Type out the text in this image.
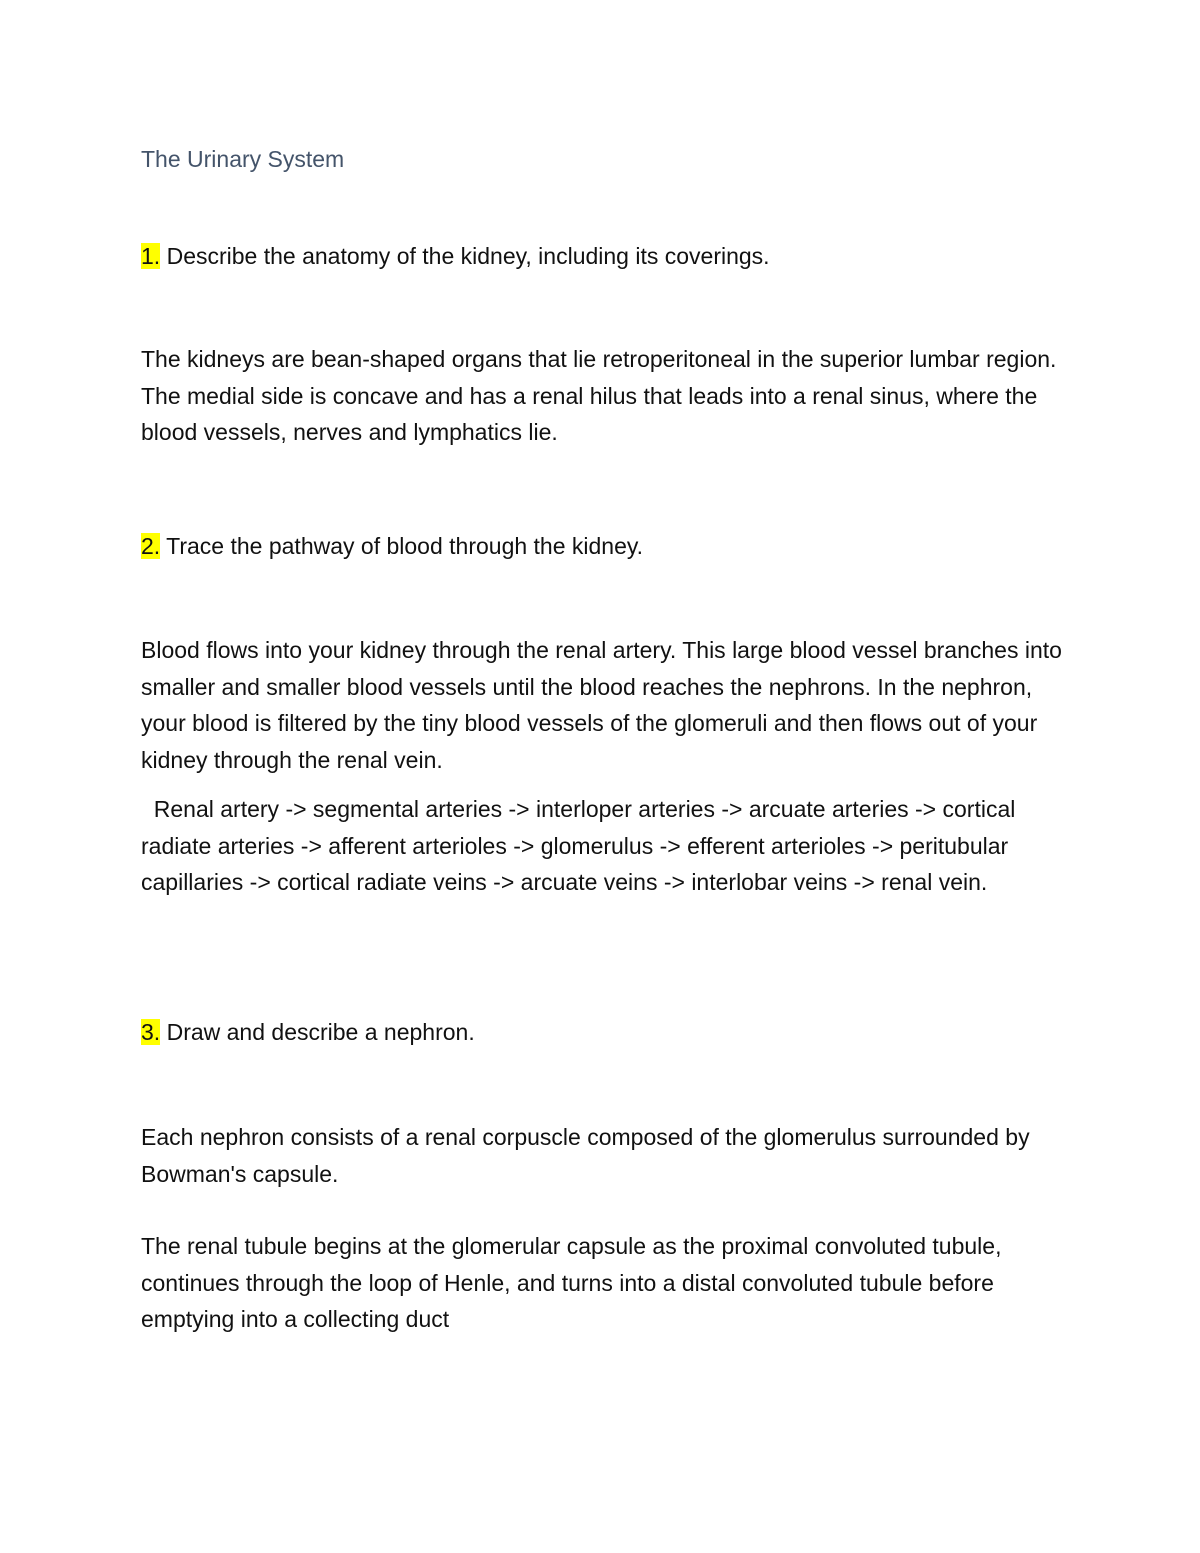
The Urinary System

1. Describe the anatomy of the kidney, including its coverings.

The kidneys are bean-shaped organs that lie retroperitoneal in the superior lumbar region. The medial side is concave and has a renal hilus that leads into a renal sinus, where the blood vessels, nerves and lymphatics lie.

2. Trace the pathway of blood through the kidney.

Blood flows into your kidney through the renal artery. This large blood vessel branches into smaller and smaller blood vessels until the blood reaches the nephrons. In the nephron, your blood is filtered by the tiny blood vessels of the glomeruli and then flows out of your kidney through the renal vein.

Renal artery -> segmental arteries -> interloper arteries -> arcuate arteries -> cortical radiate arteries -> afferent arterioles -> glomerulus -> efferent arterioles -> peritubular capillaries -> cortical radiate veins -> arcuate veins -> interlobar veins -> renal vein.

3. Draw and describe a nephron.

Each nephron consists of a renal corpuscle composed of the glomerulus surrounded by Bowman's capsule.

The renal tubule begins at the glomerular capsule as the proximal convoluted tubule, continues through the loop of Henle, and turns into a distal convoluted tubule before emptying into a collecting duct
